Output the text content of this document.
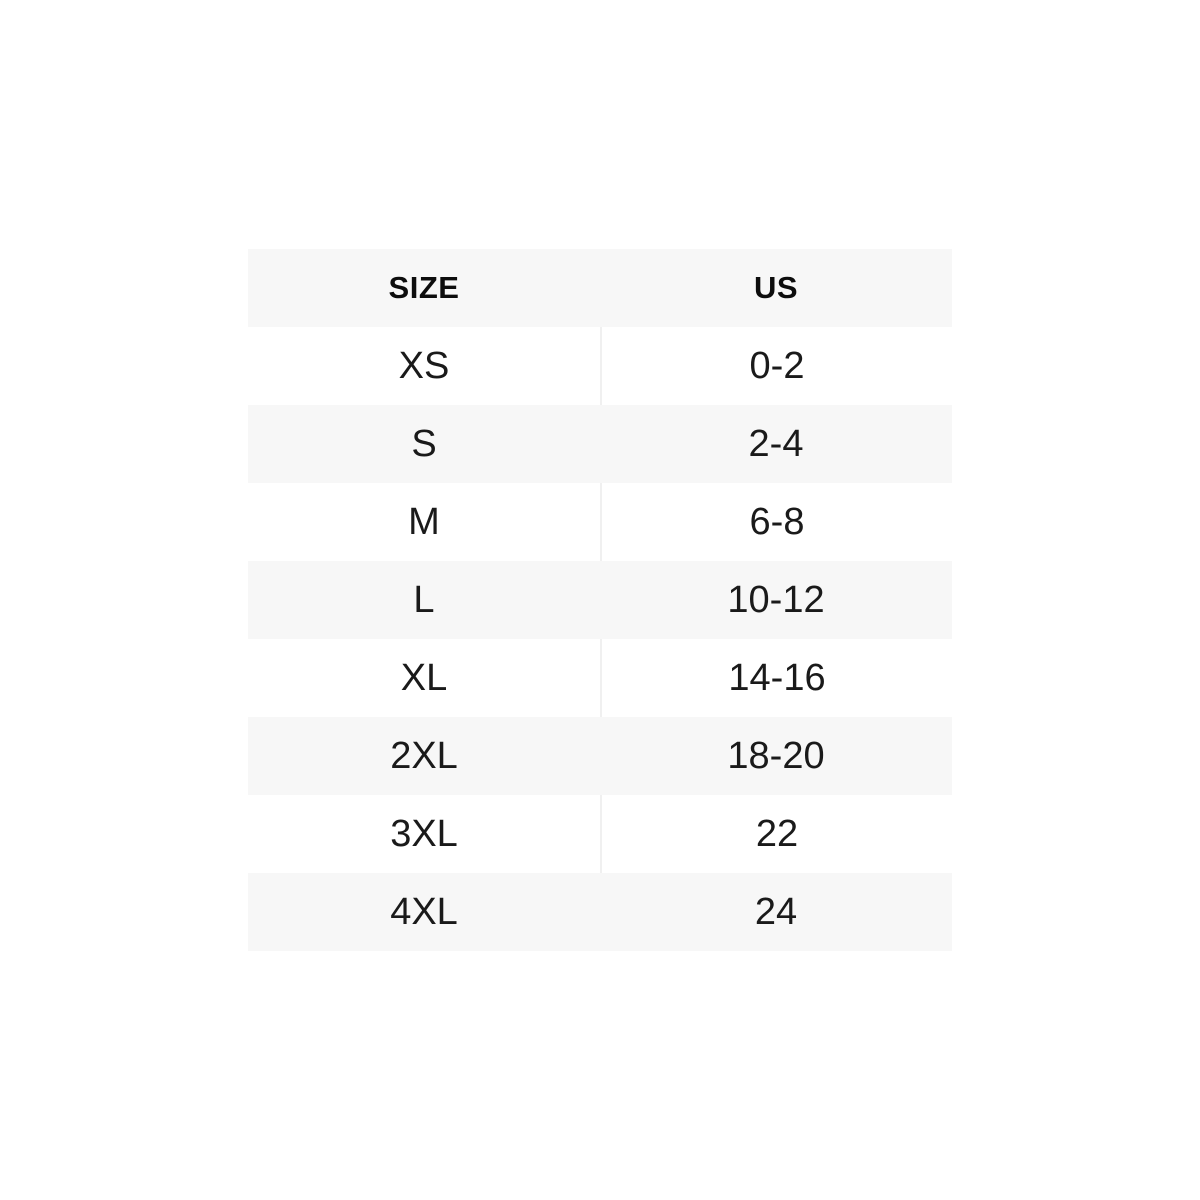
SIZE	US
XS	0-2
S	2-4
M	6-8
L	10-12
XL	14-16
2XL	18-20
3XL	22
4XL	24
